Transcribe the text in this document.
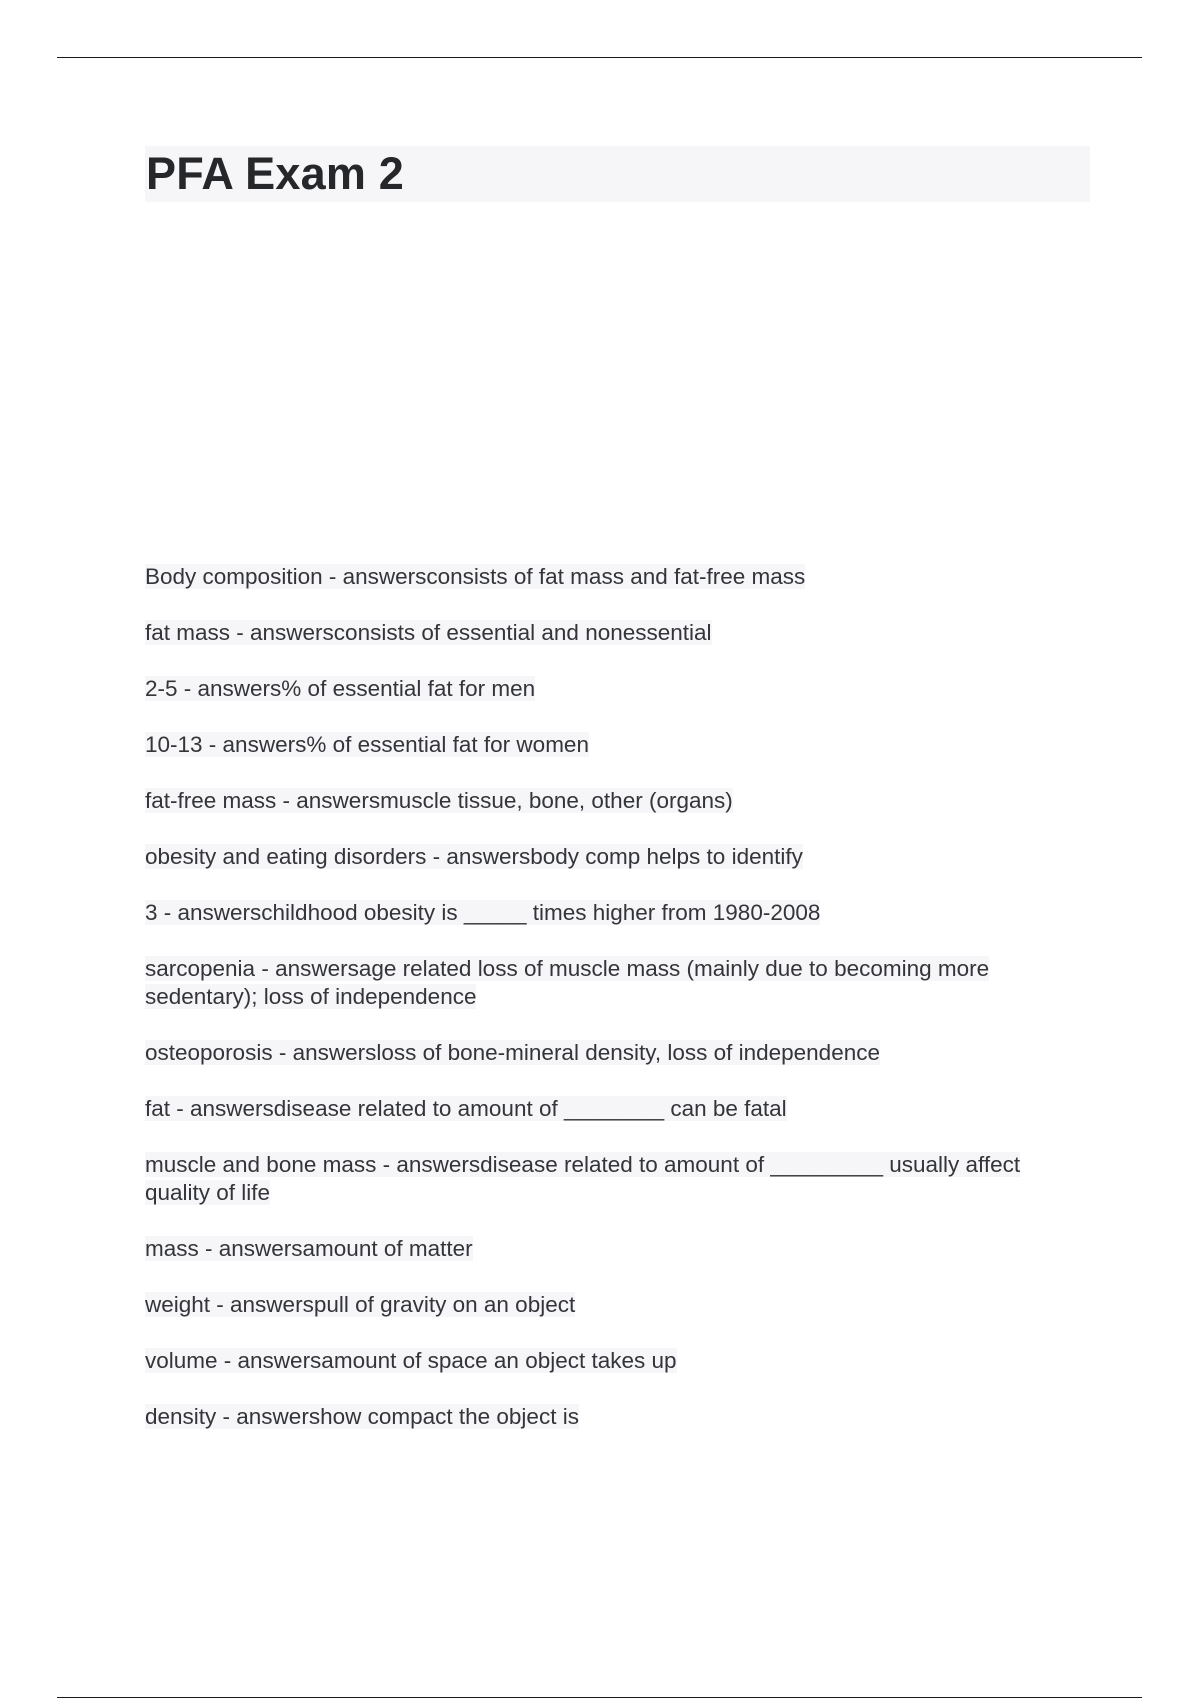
PFA Exam 2
Body composition - answersconsists of fat mass and fat-free mass
fat mass - answersconsists of essential and nonessential
2-5 - answers% of essential fat for men
10-13 - answers% of essential fat for women
fat-free mass - answersmuscle tissue, bone, other (organs)
obesity and eating disorders - answersbody comp helps to identify
3 - answerschildhood obesity is _____ times higher from 1980-2008
sarcopenia - answersage related loss of muscle mass (mainly due to becoming more sedentary); loss of independence
osteoporosis - answersloss of bone-mineral density, loss of independence
fat - answersdisease related to amount of ________ can be fatal
muscle and bone mass - answersdisease related to amount of _________ usually affect quality of life
mass - answersamount of matter
weight - answerspull of gravity on an object
volume - answersamount of space an object takes up
density - answershow compact the object is
